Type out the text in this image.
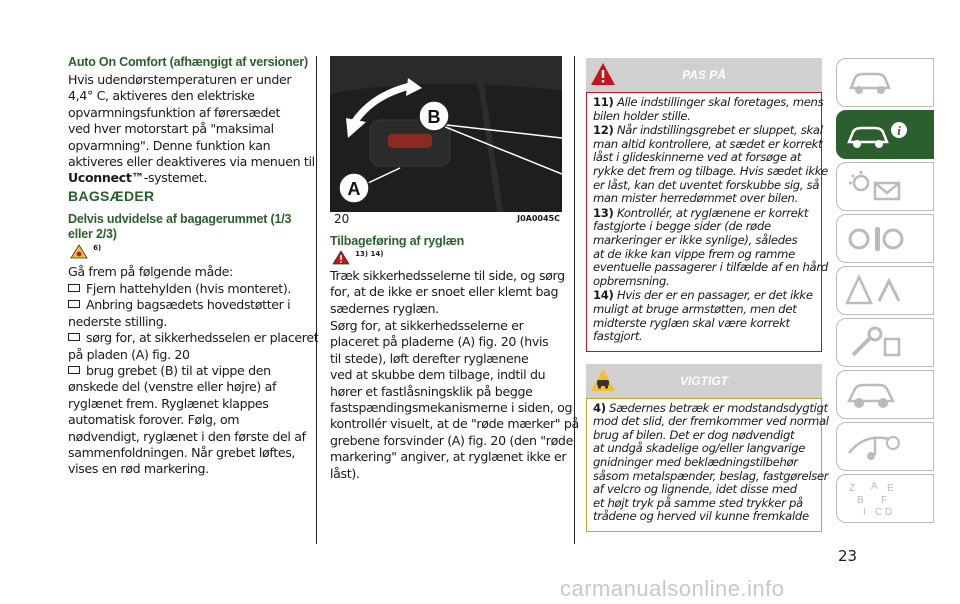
Auto On Comfort (afhængigt af versioner)
Hvis udendørstemperaturen er under
4,4° C, aktiveres den elektriske
opvarmningsfunktion af førersædet
ved hver motorstart på "maksimal
opvarmning". Denne funktion kan
aktiveres eller deaktiveres via menuen til
Uconnect™-systemet.
BAGSÆDER
Delvis udvidelse af bagagerummet (1/3
eller 2/3)
$^{6)}$
Gå frem på følgende måde:
Fjern hattehylden (hvis monteret).
Anbring bagsædets hovedstøtter i
nederste stilling.
sørg for, at sikkerhedsselen er placeret
på pladen (A) fig. 20
brug grebet (B) til at vippe den
ønskede del (venstre eller højre) af
ryglænet frem. Ryglænet klappes
automatisk forover. Følg, om
nødvendigt, ryglænet i den første del af
sammenfoldningen. Når grebet løftes,
vises en rød markering.
B
A
20	J0A0045C
Tilbageføring af ryglæn
$^{13) 14)}$
Træk sikkerhedsselerne til side, og sørg
for, at de ikke er snoet eller klemt bag
sædernes ryglæn.
Sørg for, at sikkerhedsselerne er
placeret på pladerne (A) fig. 20 (hvis
til stede), løft derefter ryglænene
ved at skubbe dem tilbage, indtil du
hører et fastlåsningsklik på begge
fastspændingsmekanismerne i siden, og
kontrollér visuelt, at de "røde mærker" på
grebene forsvinder (A) fig. 20 (den "røde
markering" angiver, at ryglænet ikke er
låst).
PAS PÅ
11) Alle indstillinger skal foretages, mens
bilen holder stille.
12) Når indstillingsgrebet er sluppet, skal
man altid kontrollere, at sædet er korrekt
låst i glideskinnerne ved at forsøge at
rykke det frem og tilbage. Hvis sædet ikke
er låst, kan det uventet forskubbe sig, så
man mister herredømmet over bilen.
13) Kontrollér, at ryglænene er korrekt
fastgjorte i begge sider (de røde
markeringer er ikke synlige), således
at de ikke kan vippe frem og ramme
eventuelle passagerer i tilfælde af en hård
opbremsning.
14) Hvis der er en passager, er det ikke
muligt at bruge armstøtten, men det
midterste ryglæn skal være korrekt
fastgjort.
VIGTIGT
4) Sædernes betræk er modstandsdygtigt
mod det slid, der fremkommer ved normal
brug af bilen. Det er dog nødvendigt
at undgå skadelige og/eller langvarige
gnidninger med beklædningstilbehør
såsom metalspænder, beslag, fastgørelser
af velcro og lignende, idet disse med
et højt tryk på samme sted trykker på
trådene og herved vil kunne fremkalde
i
Z A E
B F
I C D
23
carmanualsonline.info
